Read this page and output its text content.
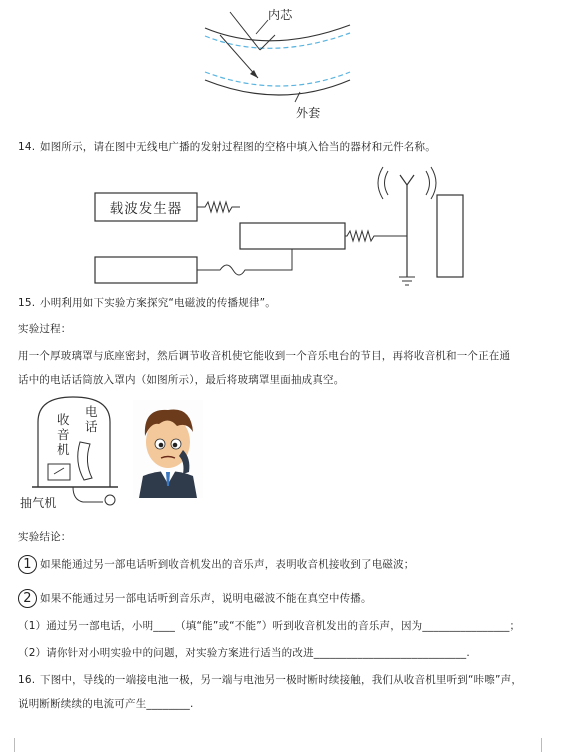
内芯
外套
14. 如图所示，请在图中无线电广播的发射过程图的空格中填入恰当的器材和元件名称。
载波发生器
15. 小明利用如下实验方案探究“电磁波的传播规律”。
实验过程：
用一个厚玻璃罩与底座密封，然后调节收音机使它能收到一个音乐电台的节目，再将收音机和一个正在通
话中的电话话筒放入罩内（如图所示），最后将玻璃罩里面抽成真空。
收音机
电话
抽气机
实验结论：
1 如果能通过另一部电话听到收音机发出的音乐声，表明收音机接收到了电磁波；
2 如果不能通过另一部电话听到音乐声，说明电磁波不能在真空中传播。
（1）通过另一部电话，小明____（填“能”或“不能”）听到收音机发出的音乐声，因为________________；
（2）请你针对小明实验中的问题，对实验方案进行适当的改进____________________________.
16. 下图中，导线的一端接电池一极，另一端与电池另一极时断时续接触，我们从收音机里听到“咔嚓”声，
说明断断续续的电流可产生________.
